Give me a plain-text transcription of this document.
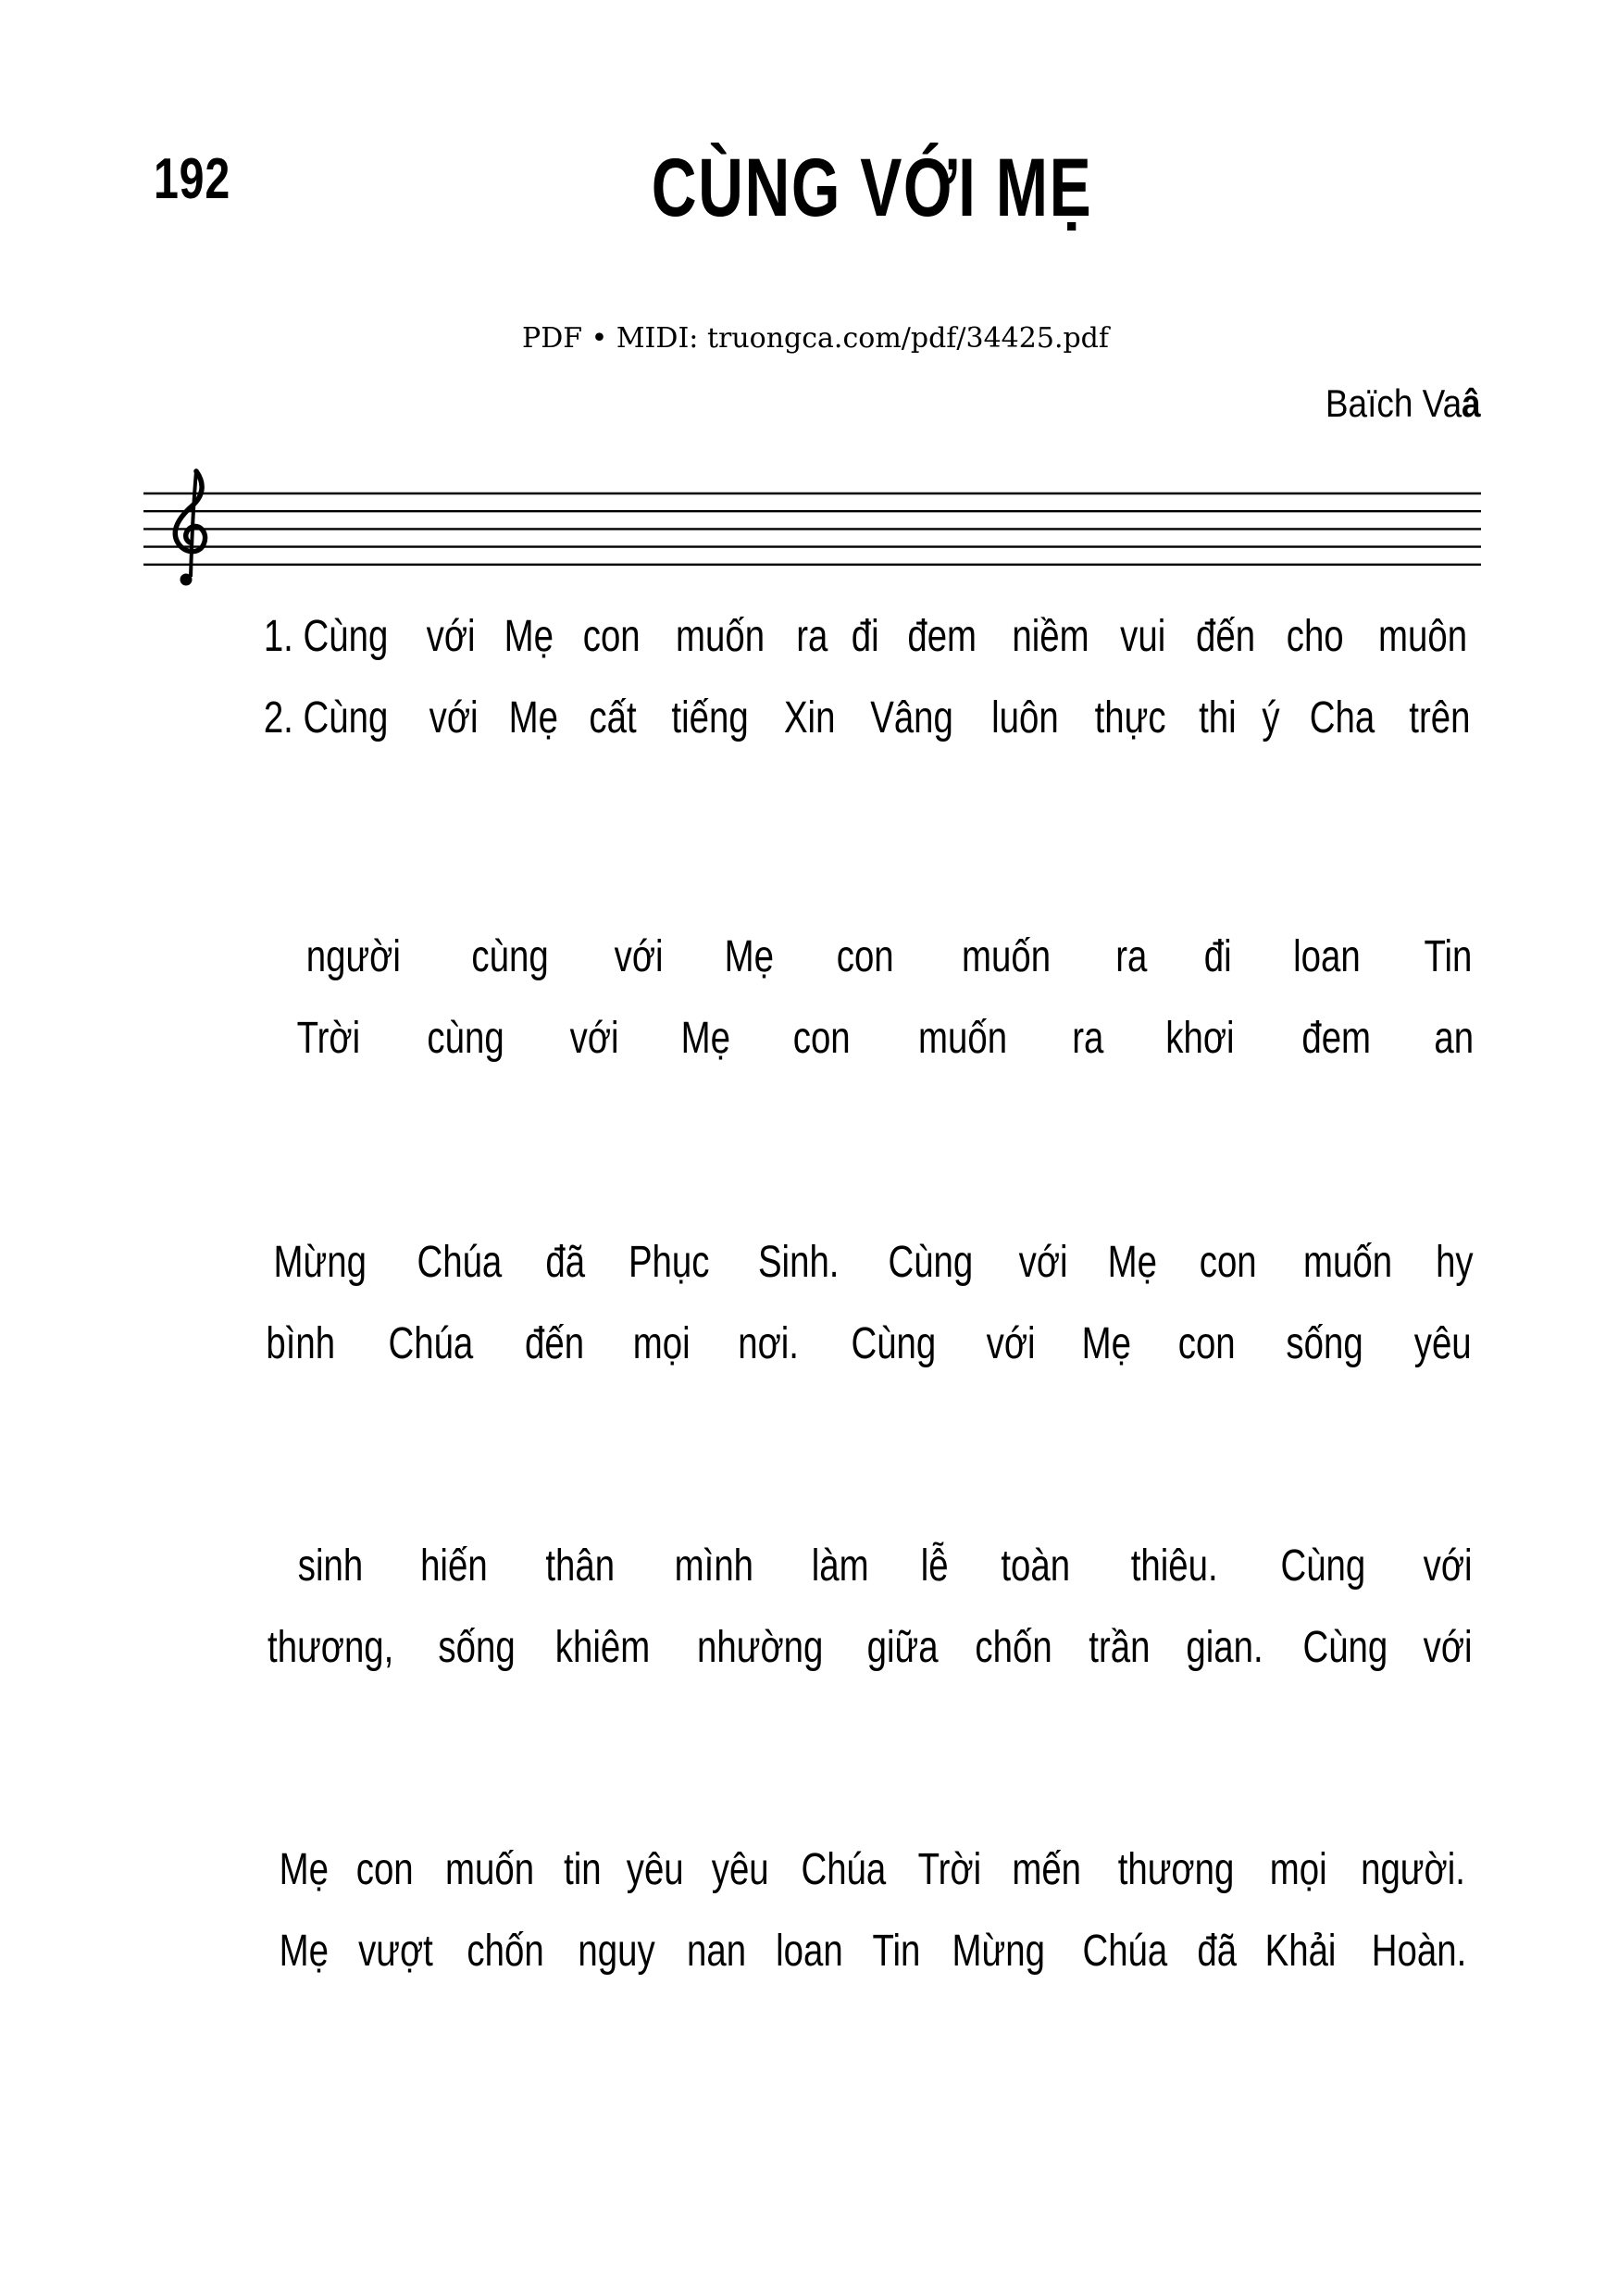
192	CÙNG VỚI MẸ
PDF • MIDI: truongca.com/pdf/34425.pdf
Baïch Vaâ
1. Cùng với Mẹ con muốn ra đi đem niềm vui đến cho muôn
2. Cùng với Mẹ cất tiếng Xin Vâng luôn thực thi ý Cha trên
người cùng với Mẹ con muốn ra đi loan Tin
Trời cùng với Mẹ con muốn ra khơi đem an
Mừng Chúa đã Phục Sinh. Cùng với Mẹ con muốn hy
bình Chúa đến mọi nơi. Cùng với Mẹ con sống yêu
sinh hiến thân mình làm lễ toàn thiêu. Cùng với
thương, sống khiêm nhường giữa chốn trần gian. Cùng với
Mẹ con muốn tin yêu yêu Chúa Trời mến thương mọi người.
Mẹ vượt chốn nguy nan loan Tin Mừng Chúa đã Khải Hoàn.
